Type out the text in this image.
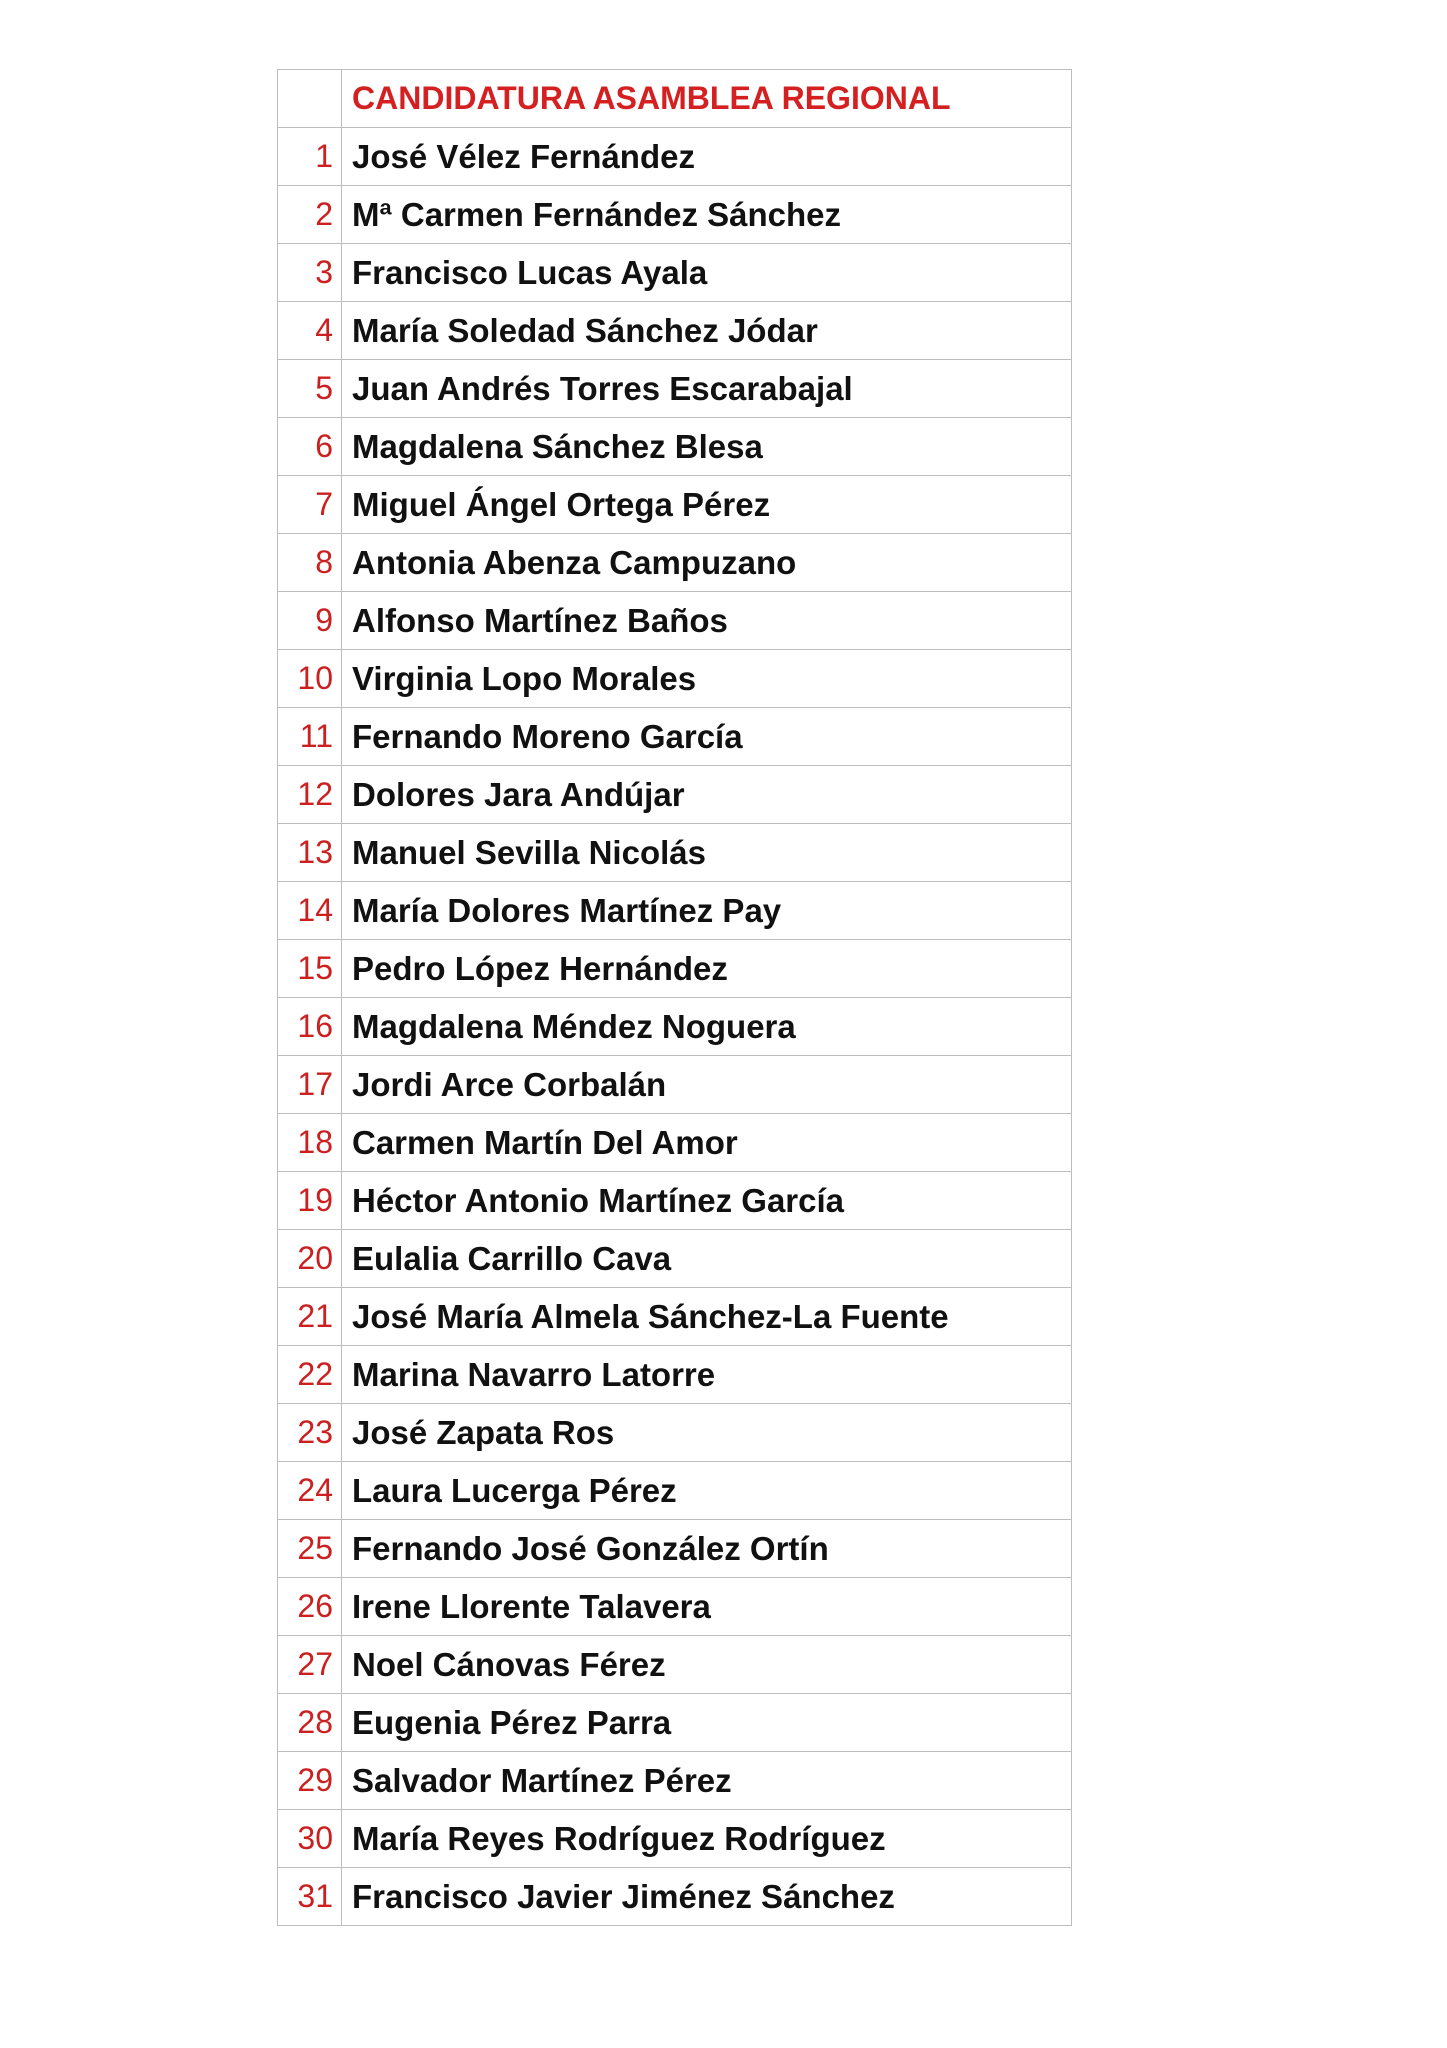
	CANDIDATURA ASAMBLEA REGIONAL
1	José Vélez Fernández
2	Mª Carmen Fernández Sánchez
3	Francisco Lucas Ayala
4	María Soledad Sánchez Jódar
5	Juan Andrés Torres Escarabajal
6	Magdalena Sánchez Blesa
7	Miguel Ángel Ortega Pérez
8	Antonia Abenza Campuzano
9	Alfonso Martínez Baños
10	Virginia Lopo Morales
11	Fernando Moreno García
12	Dolores Jara Andújar
13	Manuel Sevilla Nicolás
14	María Dolores Martínez Pay
15	Pedro López Hernández
16	Magdalena Méndez Noguera
17	Jordi Arce Corbalán
18	Carmen Martín Del Amor
19	Héctor Antonio Martínez García
20	Eulalia Carrillo Cava
21	José María Almela Sánchez-La Fuente
22	Marina Navarro Latorre
23	José Zapata Ros
24	Laura Lucerga Pérez
25	Fernando José González Ortín
26	Irene Llorente Talavera
27	Noel Cánovas Férez
28	Eugenia Pérez Parra
29	Salvador Martínez Pérez
30	María Reyes Rodríguez Rodríguez
31	Francisco Javier Jiménez Sánchez
